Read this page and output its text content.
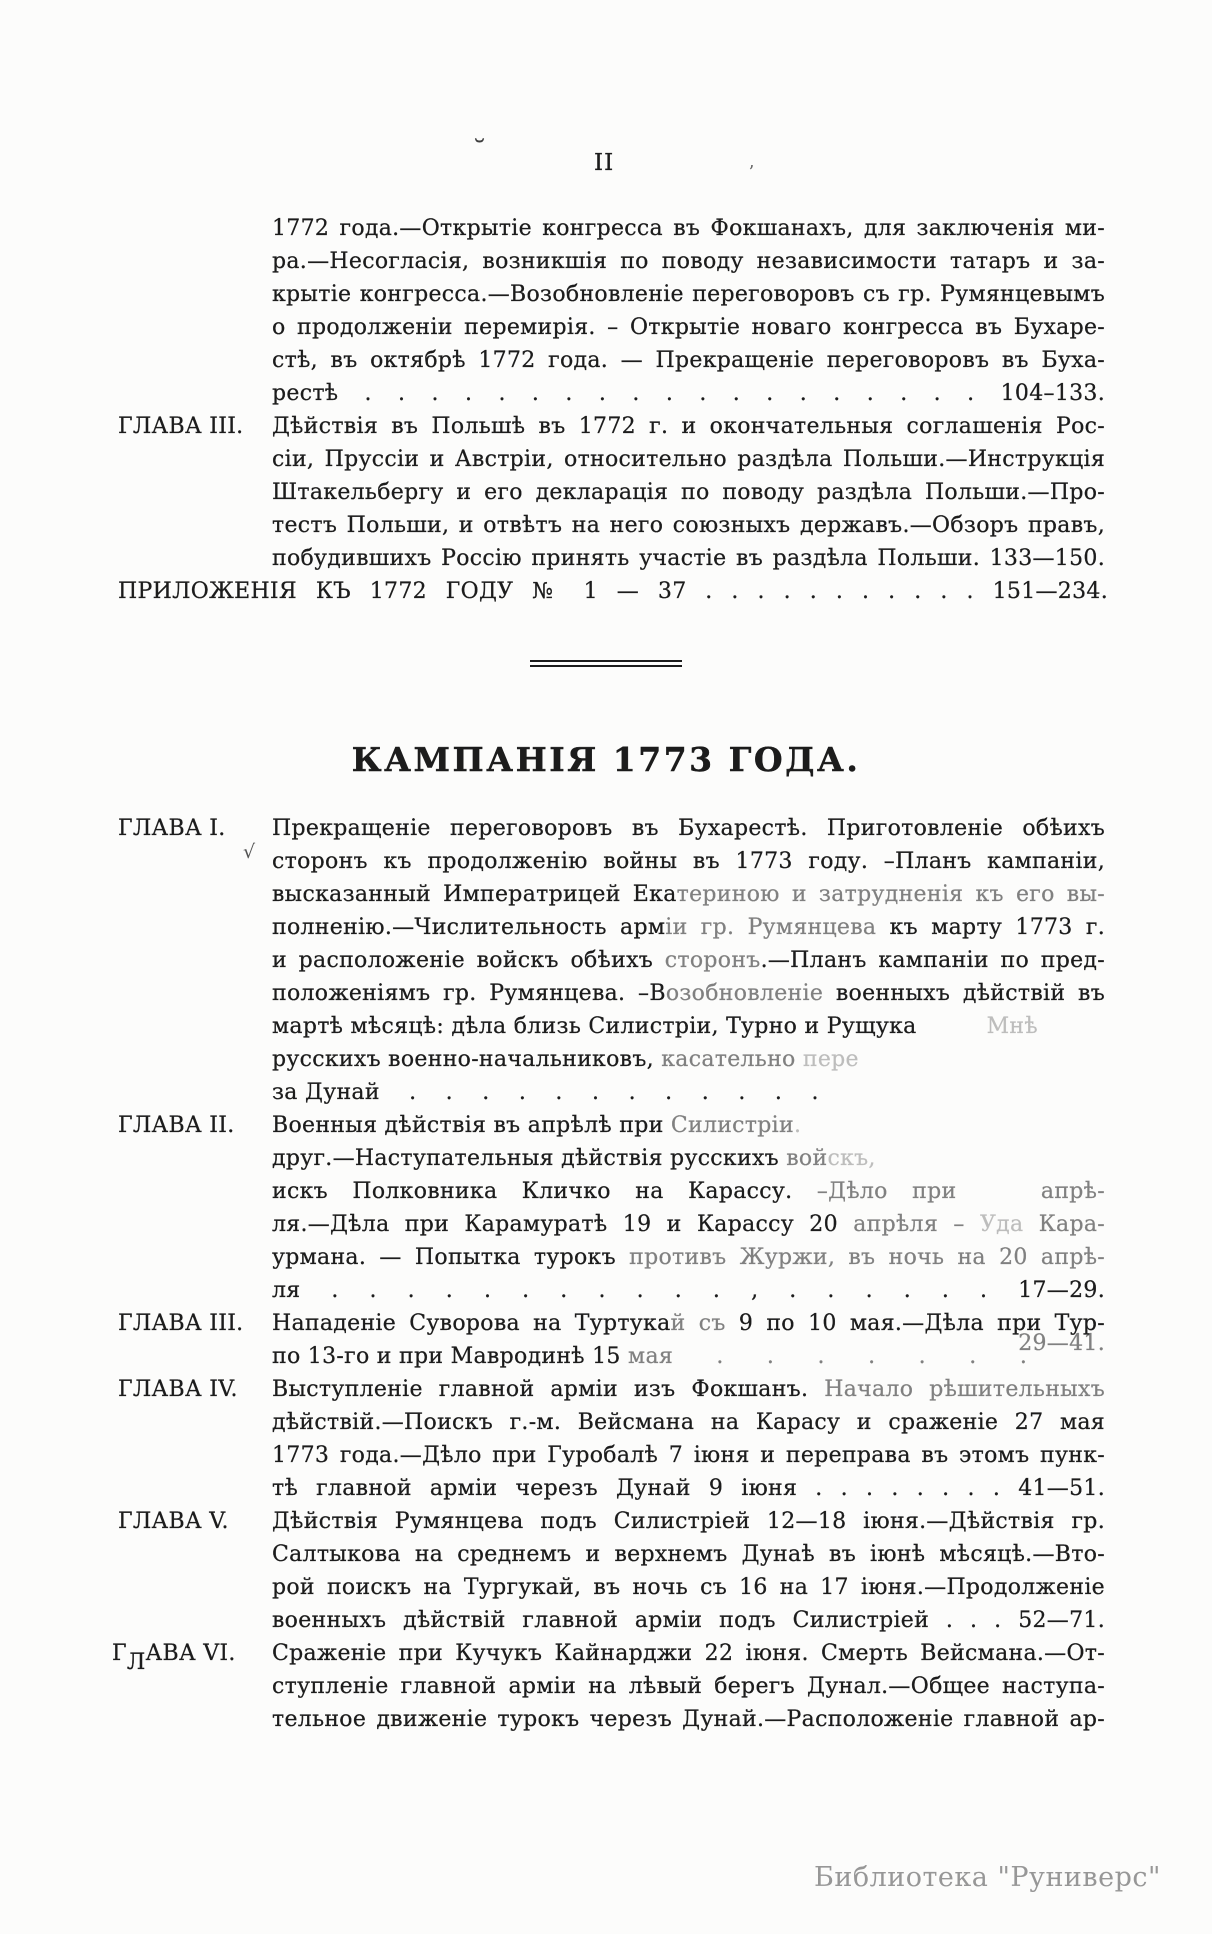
II
КАМПАНІЯ 1773 ГОДА.
Библиотека "Руниверс"
1772 года.—Открытіе конгресса въ Фокшанахъ, для заключенія ми-
ра.—Несогласія, возникшія по поводу независимости татаръ и за-
крытіе конгресса.—Возобновленіе переговоровъ съ гр. Румянцевымъ
о продолженіи перемирія. – Открытіе новаго конгресса въ Бухаре-
стѣ, въ октябрѣ 1772 года. — Прекращеніе переговоровъ въ Буха-
рестѣ . . . . . . . . . . . . . . . . . . . 104–133.
ГЛАВА III.	Дѣйствія въ Польшѣ въ 1772 г. и окончательныя соглашенія Рос-
сіи, Пруссіи и Австріи, относительно раздѣла Польши.—Инструкція
Штакельбергу и его декларація по поводу раздѣла Польши.—Про-
тестъ Польши, и отвѣтъ на него союзныхъ державъ.—Обзоръ правъ,
побудившихъ Россію принять участіе въ раздѣла Польши. 133—150.
ПРИЛОЖЕНІЯ КЪ 1772 ГОДУ № 1 — 37 . . . . . . . . . . . 151—234.
ГЛАВА I.	Прекращеніе переговоровъ въ Бухарестѣ. Приготовленіе обѣихъ
сторонъ къ продолженію войны въ 1773 году. –Планъ кампаніи,
высказанный Императрицей Екатериною и затрудненія къ его вы-
полненію.—Числительность арміи гр. Румянцева къ марту 1773 г.
и расположеніе войскъ обѣихъ сторонъ.—Планъ кампаніи по пред-
положеніямъ гр. Румянцева. –Возобновленіе военныхъ дѣйствій въ
мартѣ мѣсяцѣ: дѣла близь Силистріи, Турно и Рущука	Мнѣ
русскихъ военно-начальниковъ, касательно пере
за Дунай . . . . . . . . . . . .
ГЛАВА II.	Военныя дѣйствія въ апрѣлѣ при Силистріи.
друг.—Наступательныя дѣйствія русскихъ войскъ,
искъ Полковника Кличко на Карассу. –Дѣло при	апрѣ-
ля.—Дѣла при Карамуратѣ 19 и Карассу 20 апрѣля – Уда Кара-
урмана. — Попытка турокъ противъ Журжи, въ ночь на 20 апрѣ-
ля . . . . . . . . . . . , . . . . . . 17—29.
ГЛАВА III.	Нападеніе Суворова на Туртукай съ 9 по 10 мая.—Дѣла при Тур-
по 13-го и при Мавродинѣ 15 мая . . . . . . .
29—41.
ГЛАВА IV.	Выступленіе главной арміи изъ Фокшанъ. Начало рѣшительныхъ
дѣйствій.—Поискъ г.-м. Вейсмана на Карасу и сраженіе 27 мая
1773 года.—Дѣло при Гуробалѣ 7 іюня и переправа въ этомъ пунк-
тѣ главной арміи черезъ Дунай 9 іюня . . . . . . . . 41—51.
ГЛАВА V.	Дѣйствія Румянцева подъ Силистріей 12—18 іюня.—Дѣйствія гр.
Салтыкова на среднемъ и верхнемъ Дунаѣ въ іюнѣ мѣсяцѣ.—Вто-
рой поискъ на Тургукай, въ ночь съ 16 на 17 іюня.—Продолженіе
военныхъ дѣйствій главной арміи подъ Силистріей . . . 52—71.
ГЛАВА VI.	Сраженіе при Кучукъ Кайнарджи 22 іюня. Смерть Вейсмана.—От-
ступленіе главной арміи на лѣвый берегъ Дунал.—Общее наступа-
тельное движеніе турокъ черезъ Дунай.—Расположеніе главной ар-
˘
ʼ
√
